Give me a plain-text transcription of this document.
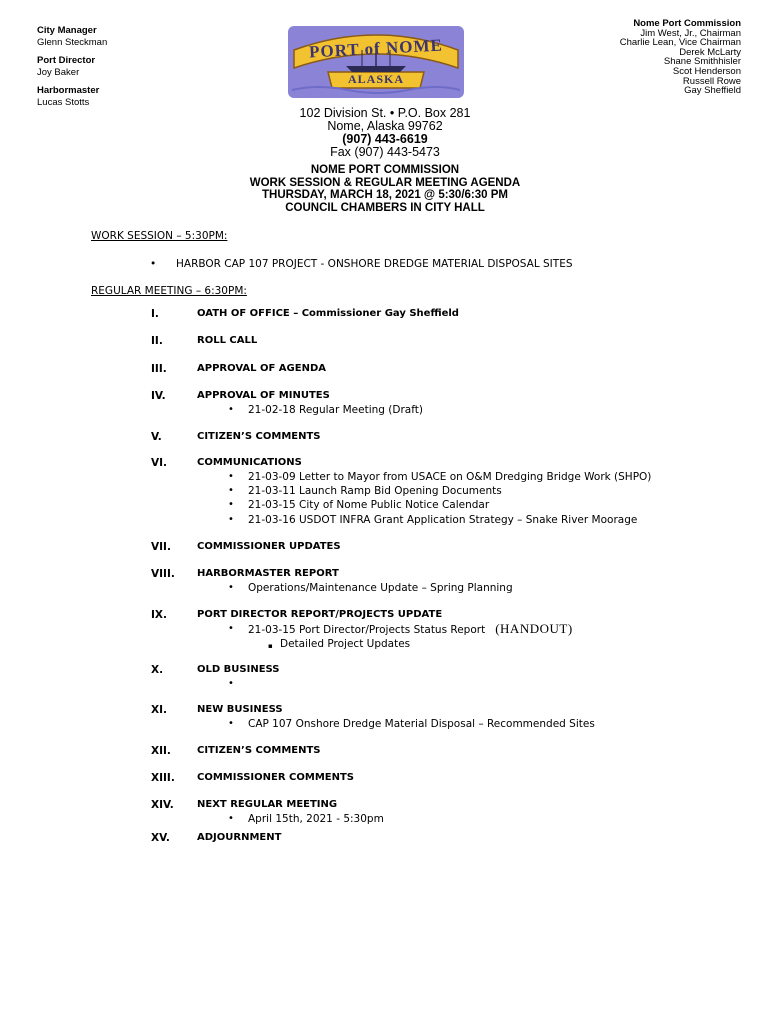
City Manager
Glenn Steckman
Port Director
Joy Baker
Harbormaster
Lucas Stotts
PORT of NOME
ALASKA
Nome Port Commission
Jim West, Jr., Chairman
Charlie Lean, Vice Chairman
Derek McLarty
Shane Smithhisler
Scot Henderson
Russell Rowe
Gay Sheffield
102 Division St. • P.O. Box 281
Nome, Alaska 99762
(907) 443-6619
Fax (907) 443-5473
NOME PORT COMMISSION
WORK SESSION & REGULAR MEETING AGENDA
THURSDAY, MARCH 18, 2021 @ 5:30/6:30 PM
COUNCIL CHAMBERS IN CITY HALL
WORK SESSION – 5:30PM:
• HARBOR CAP 107 PROJECT - ONSHORE DREDGE MATERIAL DISPOSAL SITES
REGULAR MEETING – 6:30PM:
I.	OATH OF OFFICE – Commissioner Gay Sheffield
II.	ROLL CALL
III.	APPROVAL OF AGENDA
IV.	APPROVAL OF MINUTES
• 21-02-18 Regular Meeting (Draft)
V.	CITIZEN’S COMMENTS
VI.	COMMUNICATIONS
• 21-03-09 Letter to Mayor from USACE on O&M Dredging Bridge Work (SHPO)
• 21-03-11 Launch Ramp Bid Opening Documents
• 21-03-15 City of Nome Public Notice Calendar
• 21-03-16 USDOT INFRA Grant Application Strategy – Snake River Moorage
VII.	COMMISSIONER UPDATES
VIII. HARBORMASTER REPORT
• Operations/Maintenance Update – Spring Planning
IX.	PORT DIRECTOR REPORT/PROJECTS UPDATE
• 21-03-15 Port Director/Projects Status Report (HANDOUT)
▪ Detailed Project Updates
X.	OLD BUSINESS
•
XI.	NEW BUSINESS
• CAP 107 Onshore Dredge Material Disposal – Recommended Sites
XII.	CITIZEN’S COMMENTS
XIII. COMMISSIONER COMMENTS
XIV. NEXT REGULAR MEETING
• April 15th, 2021 - 5:30pm
XV.	ADJOURNMENT
